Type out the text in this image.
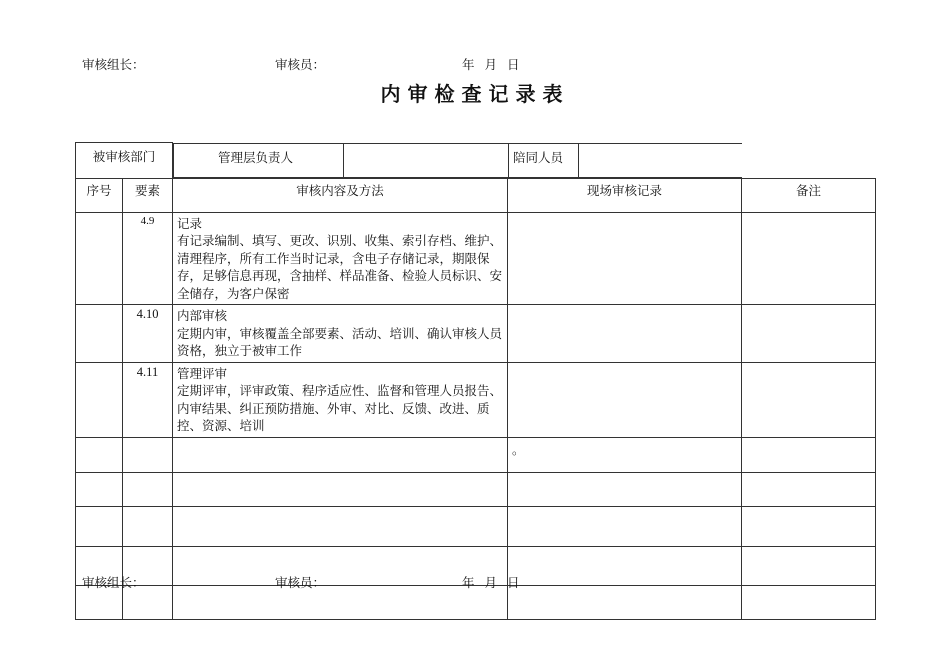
审核组长：	审核员：	年 月 日
内审检查记录表
被审核部门		管理层负责人		陪同人员	

序号	要素	审核内容及方法	现场审核记录	备注
	4.9	记录
有记录编制、填写、更改、识别、收集、索引存档、维护、清理程序，所有工作当时记录，含电子存储记录，期限保存，足够信息再现，含抽样、样品准备、检验人员标识、安全储存，为客户保密		
	4.10	内部审核
定期内审，审核覆盖全部要素、活动、培训、确认审核人员资格，独立于被审工作		
	4.11	管理评审
定期评审，评审政策、程序适应性、监督和管理人员报告、内审结果、纠正预防措施、外审、对比、反馈、改进、质控、资源、培训		
			。	

审核组长：	审核员：	年 月 日
